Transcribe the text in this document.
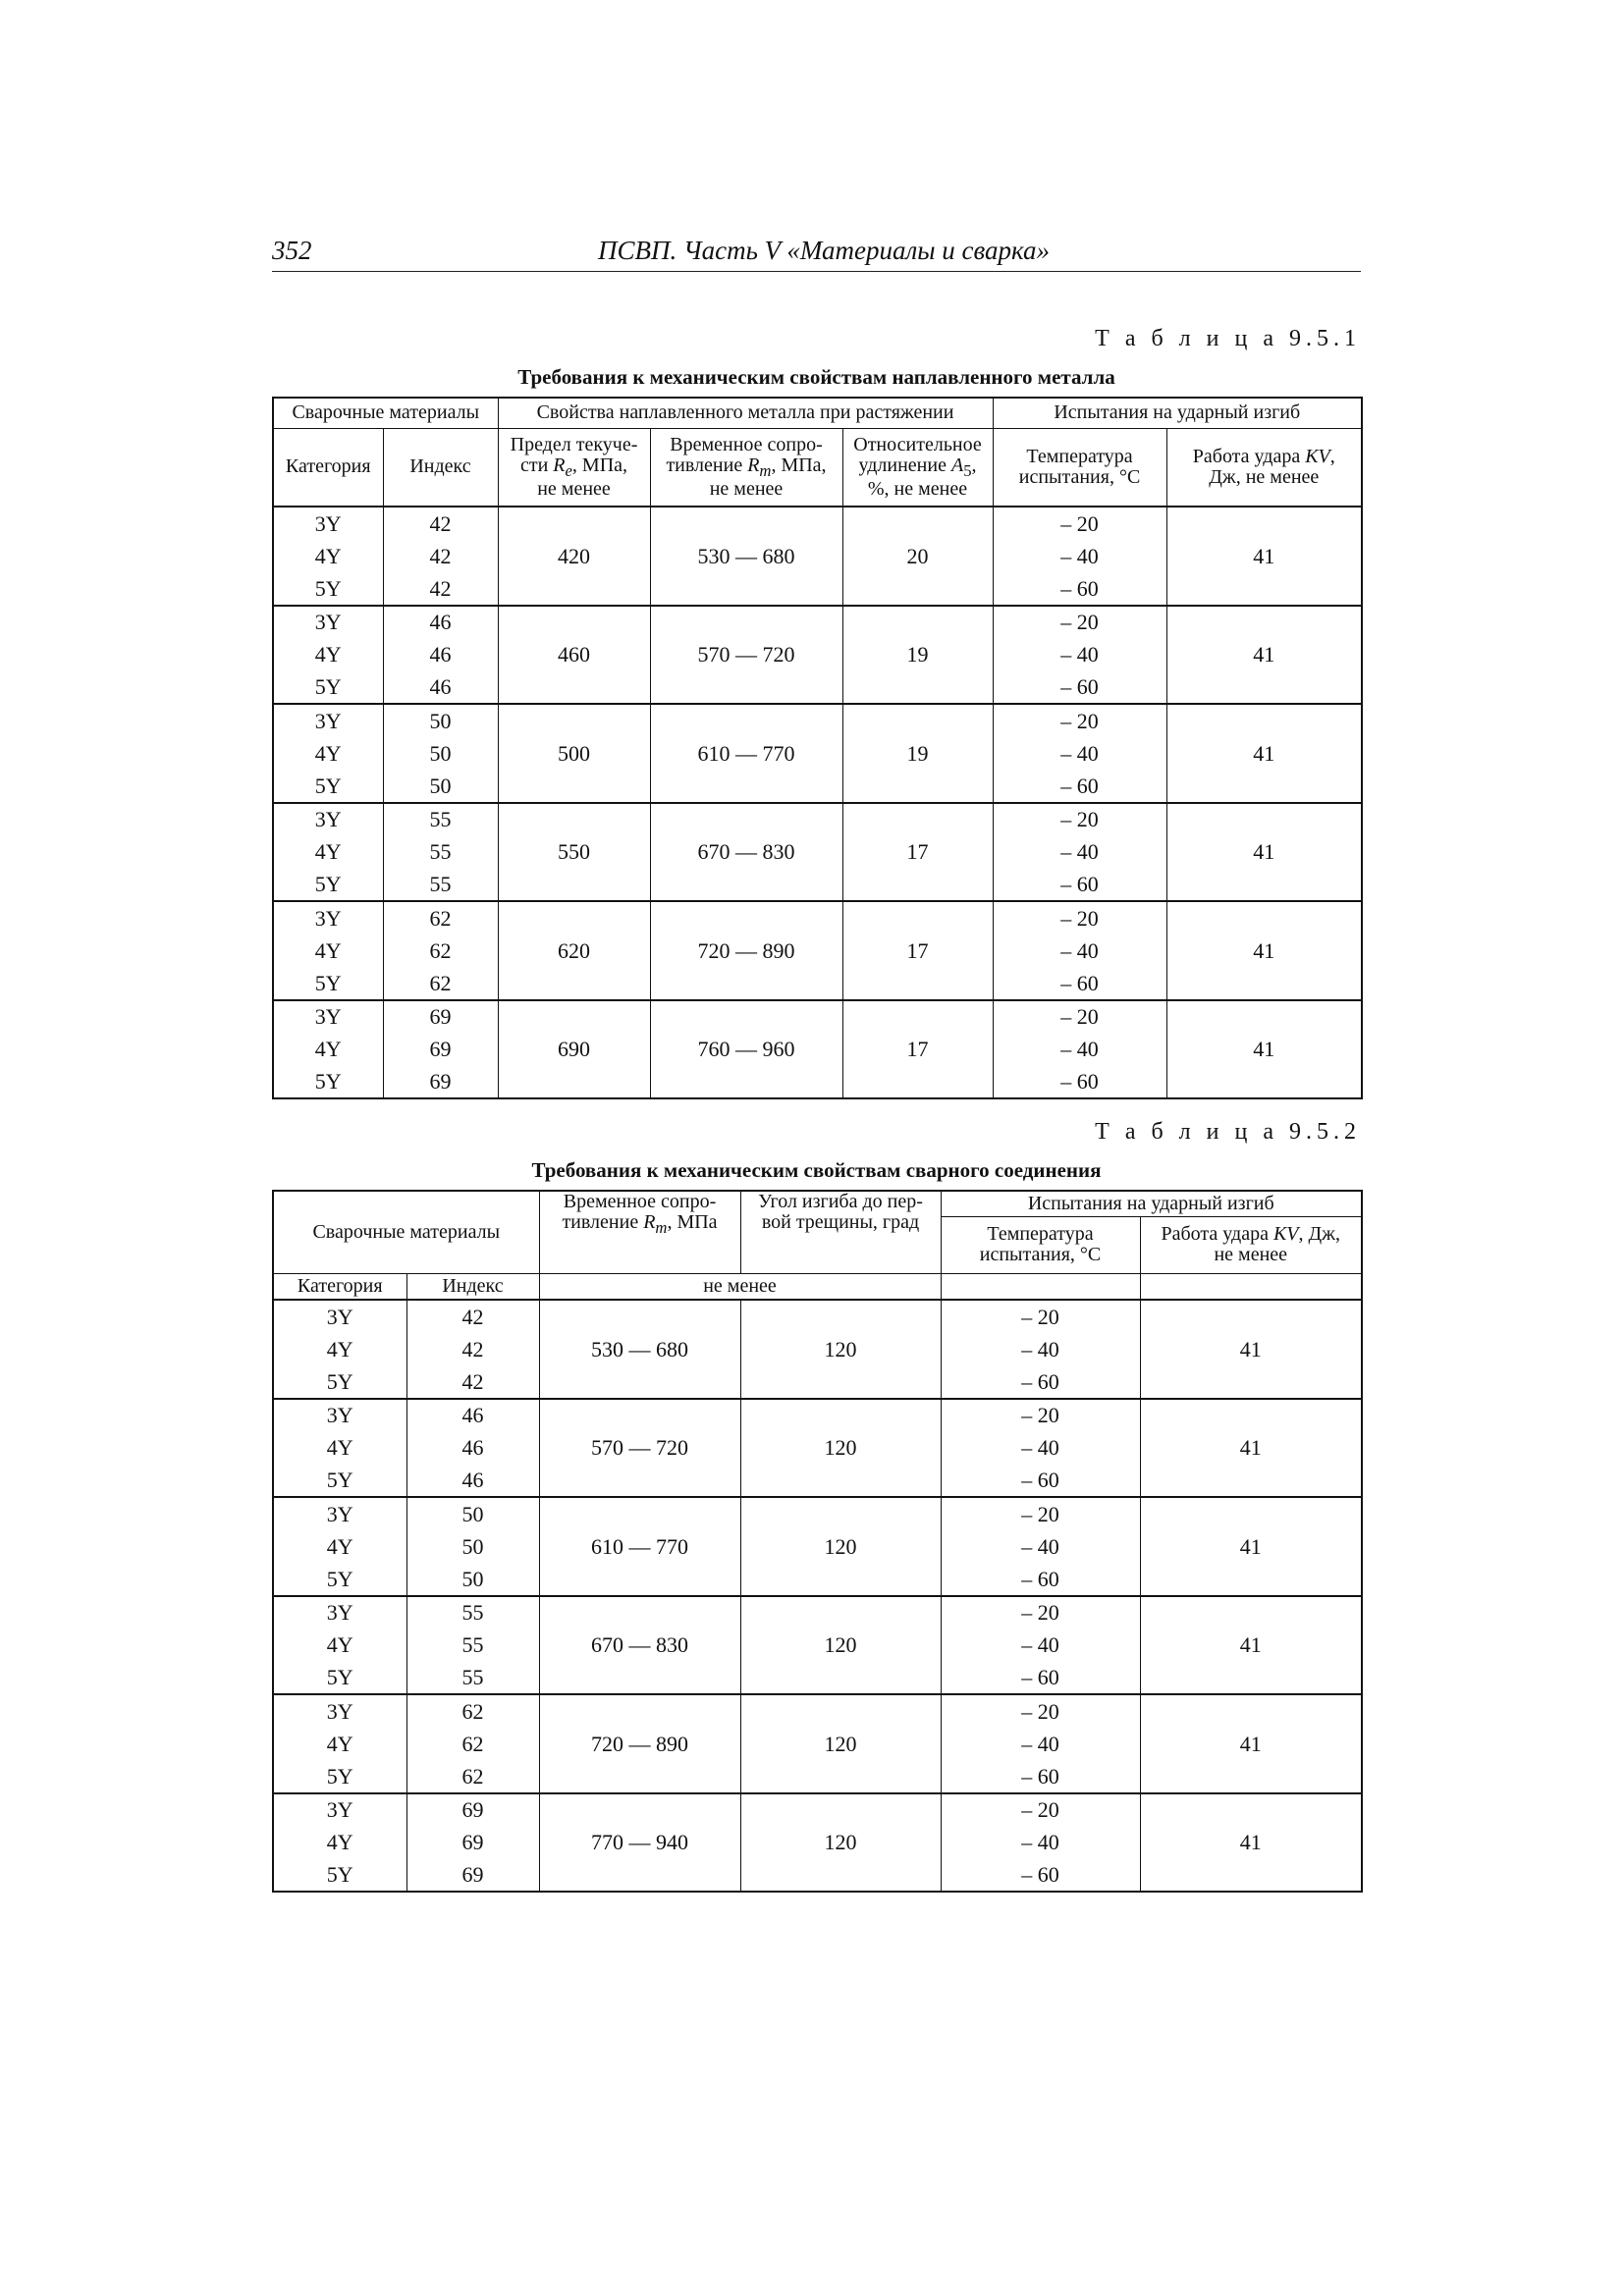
352	ПСВП. Часть V «Материалы и сварка»
Т а б л и ц а 9.5.1
Требования к механическим свойствам наплавленного металла
Сварочные материалы		Свойства наплавленного металла при растяжении			Испытания на ударный изгиб	
Категория	Индекс	Предел текуче-
сти $R_e$, МПа,
не менее	Временное сопро-
тивление $R_m$, МПа,
не менее	Относительное
удлинение $A_5$,
%, не менее	Температура
испытания, °C	Работа удара KV,
Дж, не менее
3Y	42	420	530 — 680	20	– 20	41
4Y	42				– 40	
5Y	42				– 60	
3Y	46	460	570 — 720	19	– 20	41
4Y	46				– 40	
5Y	46				– 60	
3Y	50	500	610 — 770	19	– 20	41
4Y	50				– 40	
5Y	50				– 60	
3Y	55	550	670 — 830	17	– 20	41
4Y	55				– 40	
5Y	55				– 60	
3Y	62	620	720 — 890	17	– 20	41
4Y	62				– 40	
5Y	62				– 60	
3Y	69	690	760 — 960	17	– 20	41
4Y	69				– 40	
5Y	69				– 60	
Т а б л и ц а 9.5.2
Требования к механическим свойствам сварного соединения
Сварочные материалы		Временное сопро-
тивление $R_m$, МПа	Угол изгиба до пер-
вой трещины, град	Испытания на ударный изгиб	
				Температура
испытания, °C	Работа удара KV, Дж,
не менее
Категория	Индекс	не менее			
3Y	42	530 — 680	120	– 20	41
4Y	42			– 40	
5Y	42			– 60	
3Y	46	570 — 720	120	– 20	41
4Y	46			– 40	
5Y	46			– 60	
3Y	50	610 — 770	120	– 20	41
4Y	50			– 40	
5Y	50			– 60	
3Y	55	670 — 830	120	– 20	41
4Y	55			– 40	
5Y	55			– 60	
3Y	62	720 — 890	120	– 20	41
4Y	62			– 40	
5Y	62			– 60	
3Y	69	770 — 940	120	– 20	41
4Y	69			– 40	
5Y	69			– 60	
